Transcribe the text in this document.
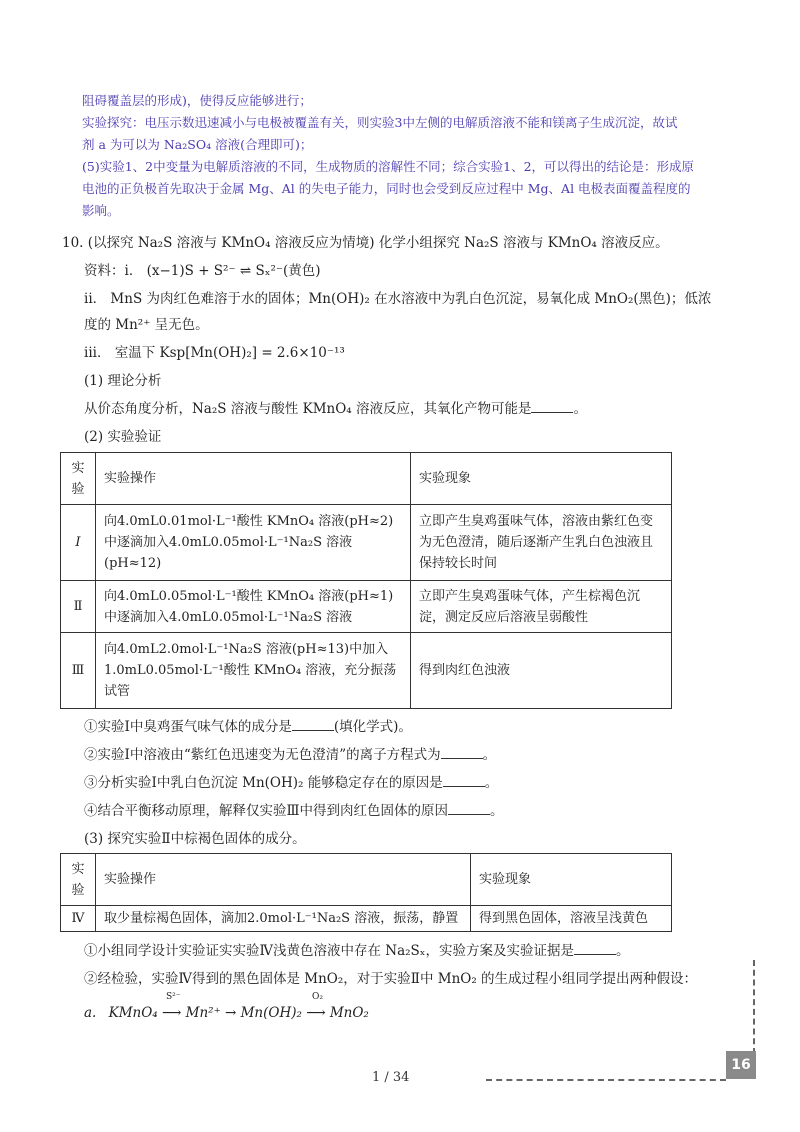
阻碍覆盖层的形成)，使得反应能够进行；
实验探究：电压示数迅速减小与电极被覆盖有关，则实验3中左侧的电解质溶液不能和镁离子生成沉淀，故试
剂 a 为可以为 Na₂SO₄ 溶液(合理即可)；
(5)实验1、2中变量为电解质溶液的不同，生成物质的溶解性不同；综合实验1、2，可以得出的结论是：形成原
电池的正负极首先取决于金属 Mg、Al 的失电子能力，同时也会受到反应过程中 Mg、Al 电极表面覆盖程度的
影响。
10. (以探究 Na₂S 溶液与 KMnO₄ 溶液反应为情境) 化学小组探究 Na₂S 溶液与 KMnO₄ 溶液反应。
资料：i． (x−1)S + S²⁻ ⇌ Sₓ²⁻(黄色)
ii． MnS 为肉红色难溶于水的固体；Mn(OH)₂ 在水溶液中为乳白色沉淀，易氧化成 MnO₂(黑色)；低浓
度的 Mn²⁺ 呈无色。
iii． 室温下 Ksp[Mn(OH)₂] = 2.6×10⁻¹³
(1) 理论分析
从价态角度分析，Na₂S 溶液与酸性 KMnO₄ 溶液反应，其氧化产物可能是	。
(2) 实验验证
实验	实验操作	实验现象
I	向4.0mL0.01mol·L⁻¹酸性 KMnO₄ 溶液(pH≈2)中逐滴加入4.0mL0.05mol·L⁻¹Na₂S 溶液(pH≈12)	立即产生臭鸡蛋味气体，溶液由紫红色变为无色澄清，随后逐渐产生乳白色浊液且保持较长时间
Ⅱ	向4.0mL0.05mol·L⁻¹酸性 KMnO₄ 溶液(pH≈1)中逐滴加入4.0mL0.05mol·L⁻¹Na₂S 溶液	立即产生臭鸡蛋味气体，产生棕褐色沉淀，测定反应后溶液呈弱酸性
Ⅲ	向4.0mL2.0mol·L⁻¹Na₂S 溶液(pH≈13)中加入1.0mL0.05mol·L⁻¹酸性 KMnO₄ 溶液，充分振荡试管	得到肉红色浊液
①实验Ⅰ中臭鸡蛋气味气体的成分是	(填化学式)。
②实验Ⅰ中溶液由“紫红色迅速变为无色澄清”的离子方程式为	。
③分析实验Ⅰ中乳白色沉淀 Mn(OH)₂ 能够稳定存在的原因是	。
④结合平衡移动原理，解释仅实验Ⅲ中得到肉红色固体的原因	。
(3) 探究实验Ⅱ中棕褐色固体的成分。
实验	实验操作	实验现象
Ⅳ	取少量棕褐色固体，滴加2.0mol·L⁻¹Na₂S 溶液，振荡，静置	得到黑色固体，溶液呈浅黄色
①小组同学设计实验证实实验Ⅳ浅黄色溶液中存在 Na₂Sₓ，实验方案及实验证据是	。
②经检验，实验Ⅳ得到的黑色固体是 MnO₂，对于实验Ⅱ中 MnO₂ 的生成过程小组同学提出两种假设：
a. KMnO₄ ⟶ Mn²⁺ → Mn(OH)₂ ⟶ MnO₂
S²⁻	O₂
1 / 34
16
